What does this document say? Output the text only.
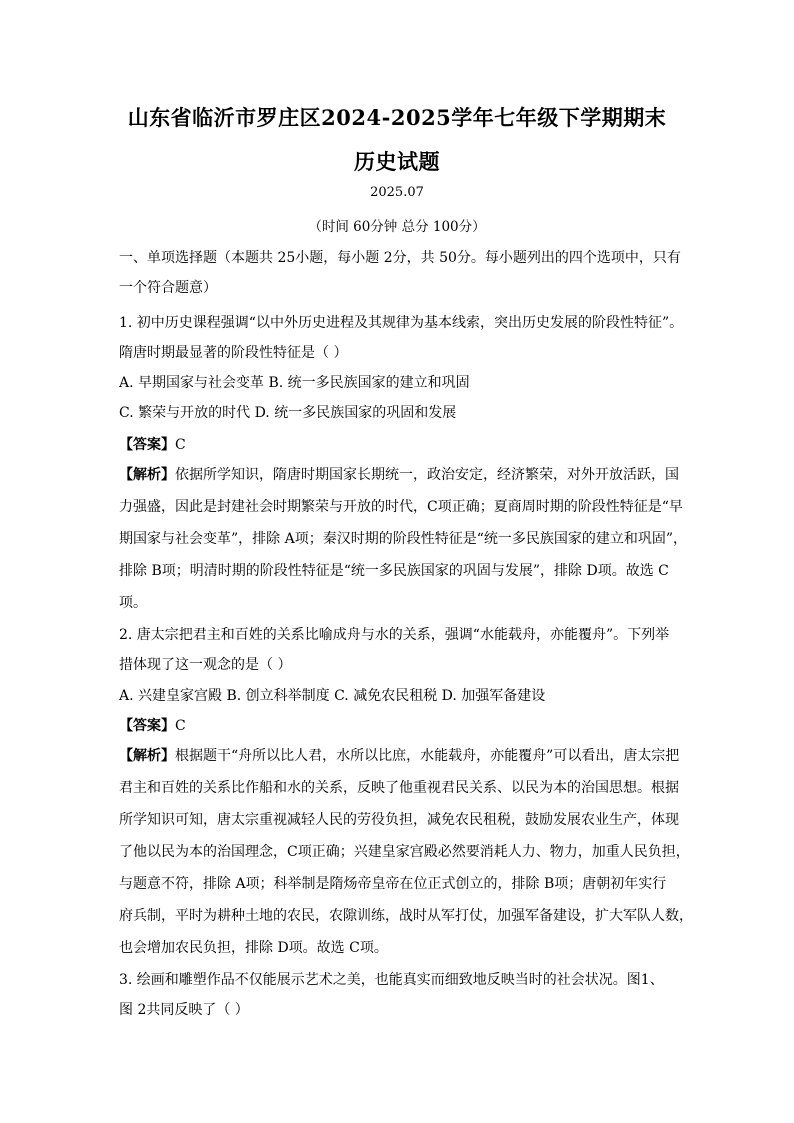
山东省临沂市罗庄区2024-2025学年七年级下学期期末
历史试题
2025.07
（时间 60分钟 总分 100分）
一、单项选择题（本题共 25小题，每小题 2分，共 50分。每小题列出的四个选项中，只有
一个符合题意）
1. 初中历史课程强调“以中外历史进程及其规律为基本线索，突出历史发展的阶段性特征”。
隋唐时期最显著的阶段性特征是（ ）
A. 早期国家与社会变革 B. 统一多民族国家的建立和巩固
C. 繁荣与开放的时代 D. 统一多民族国家的巩固和发展
【答案】C
【解析】依据所学知识，隋唐时期国家长期统一，政治安定，经济繁荣，对外开放活跃，国
力强盛，因此是封建社会时期繁荣与开放的时代，C项正确；夏商周时期的阶段性特征是“早
期国家与社会变革”，排除 A项；秦汉时期的阶段性特征是“统一多民族国家的建立和巩固”，
排除 B项；明清时期的阶段性特征是“统一多民族国家的巩固与发展”，排除 D项。故选 C
项。
2. 唐太宗把君主和百姓的关系比喻成舟与水的关系，强调“水能载舟，亦能覆舟”。下列举
措体现了这一观念的是（ ）
A. 兴建皇家宫殿 B. 创立科举制度 C. 减免农民租税 D. 加强军备建设
【答案】C
【解析】根据题干“舟所以比人君，水所以比庶，水能载舟，亦能覆舟”可以看出，唐太宗把
君主和百姓的关系比作船和水的关系，反映了他重视君民关系、以民为本的治国思想。根据
所学知识可知，唐太宗重视减轻人民的劳役负担，减免农民租税，鼓励发展农业生产，体现
了他以民为本的治国理念，C项正确；兴建皇家宫殿必然要消耗人力、物力，加重人民负担，
与题意不符，排除 A项；科举制是隋炀帝皇帝在位正式创立的，排除 B项；唐朝初年实行
府兵制，平时为耕种土地的农民，农隙训练，战时从军打仗，加强军备建设，扩大军队人数，
也会增加农民负担，排除 D项。故选 C项。
3. 绘画和雕塑作品不仅能展示艺术之美，也能真实而细致地反映当时的社会状况。图1、
图 2共同反映了（ ）
